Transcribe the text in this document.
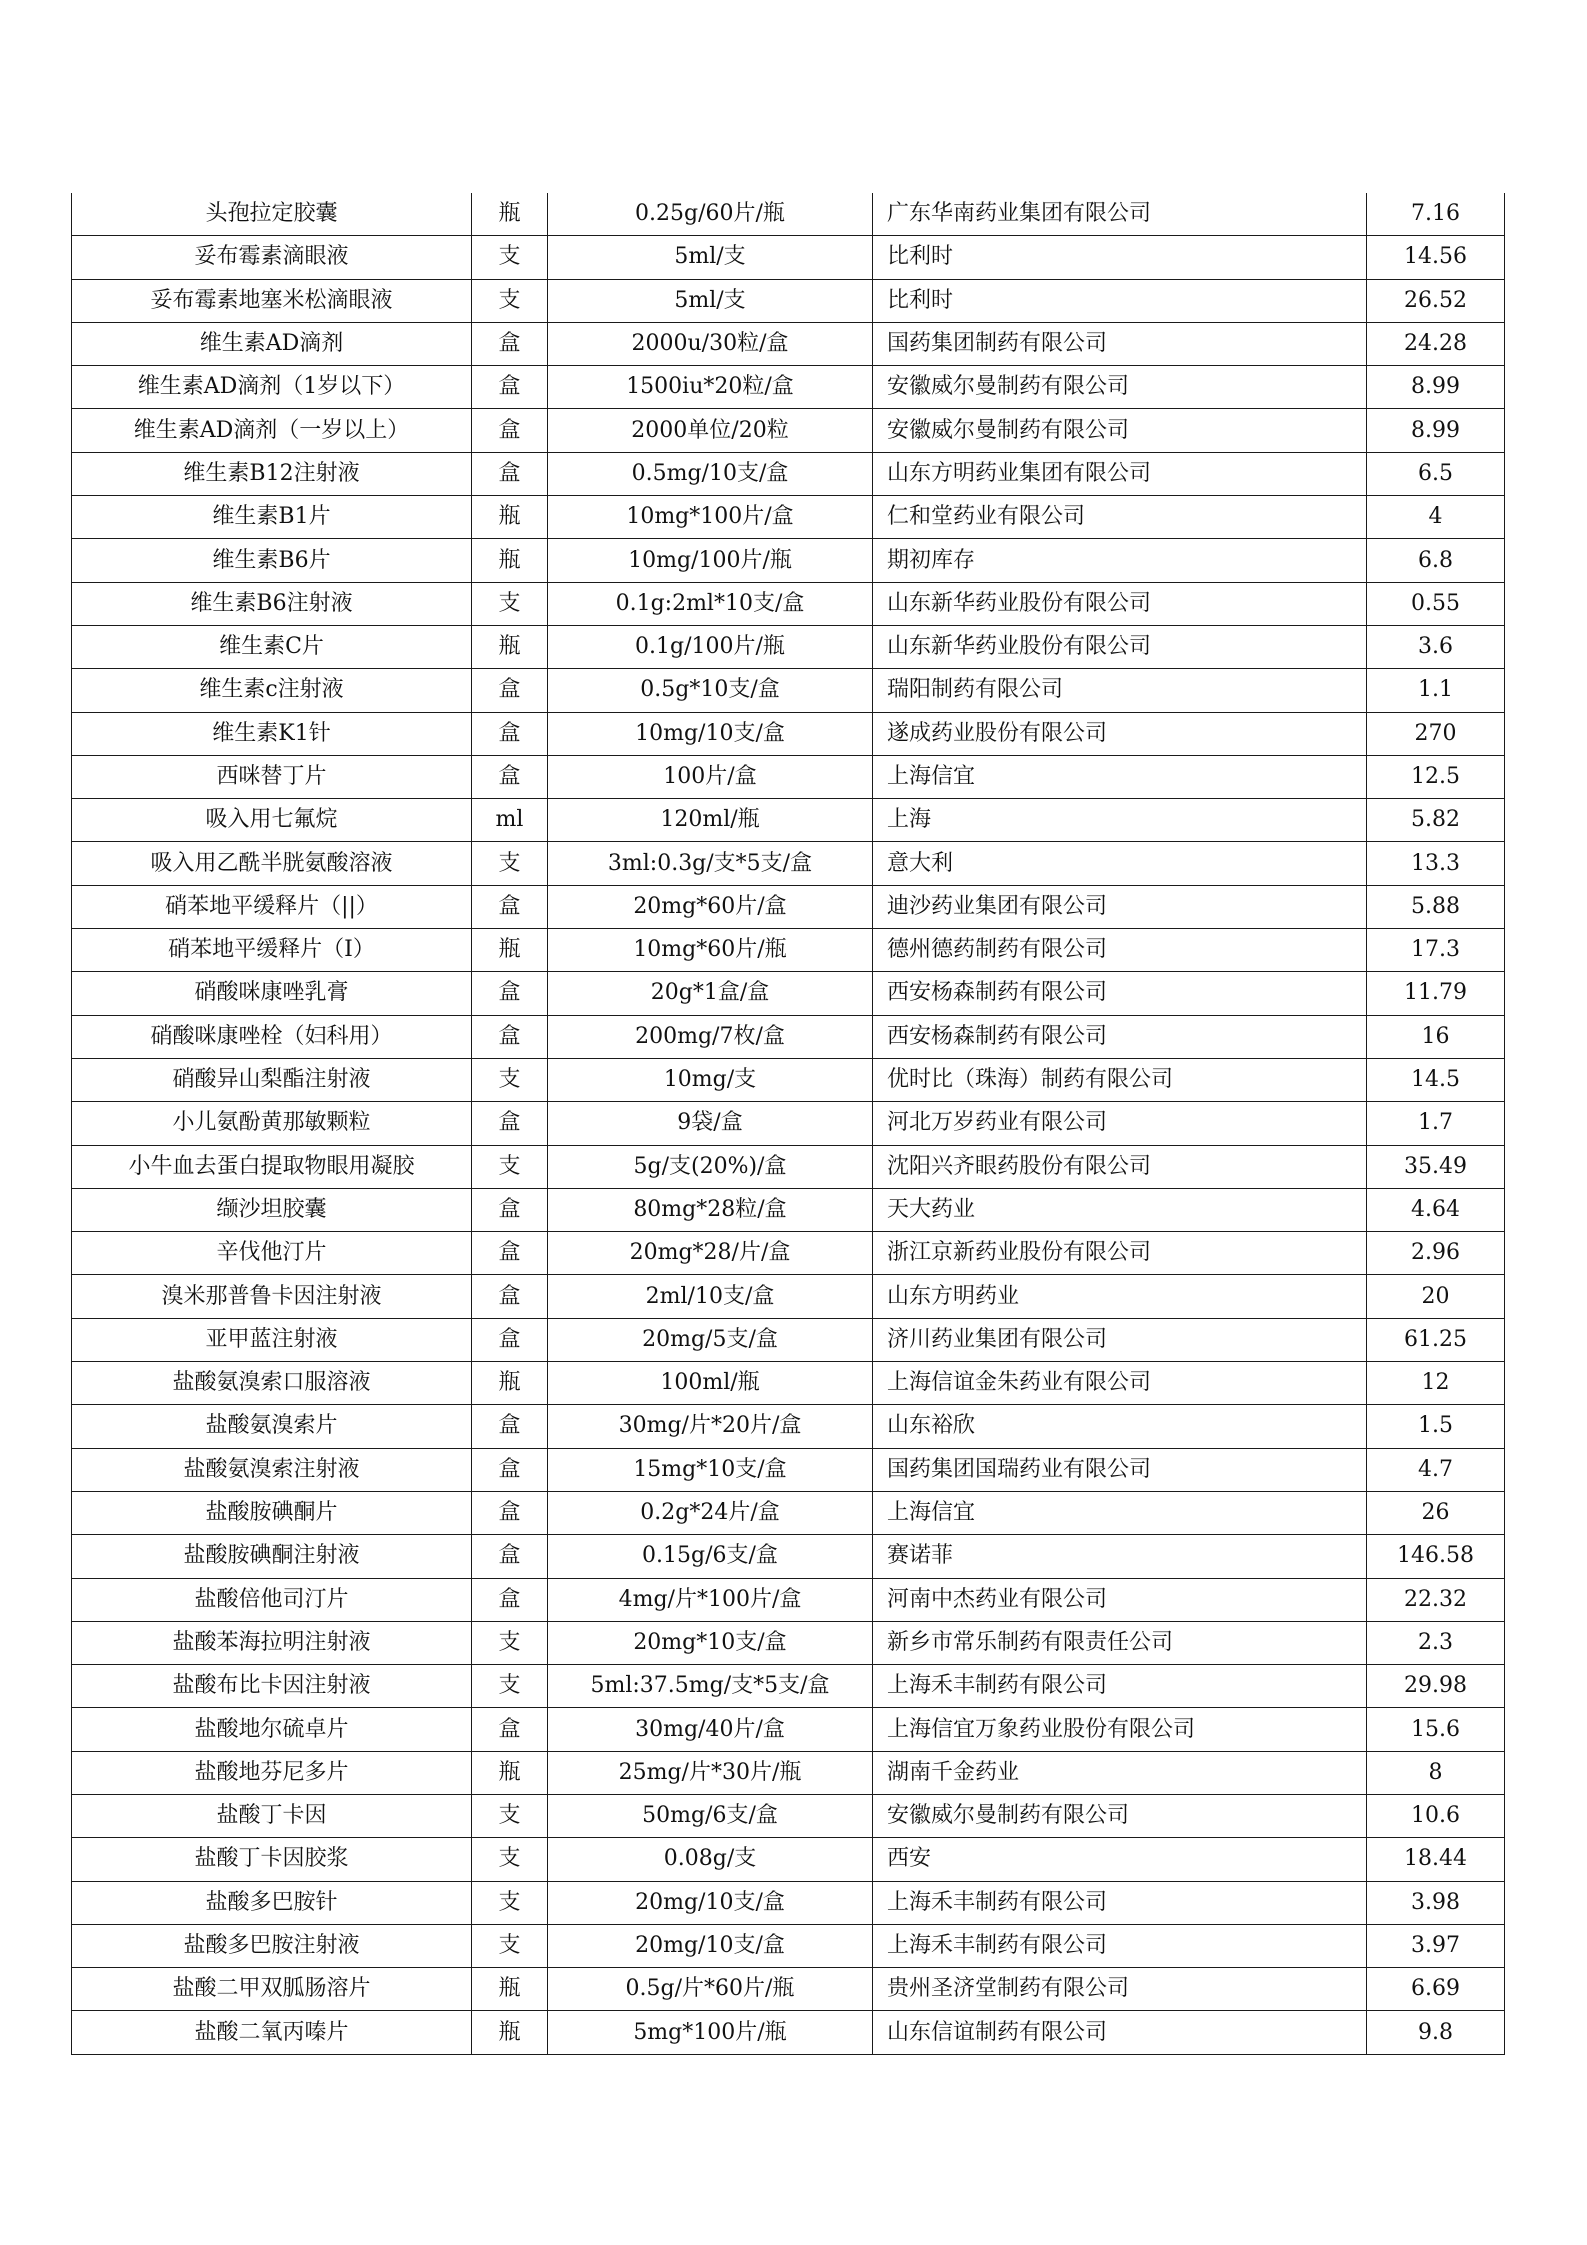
头孢拉定胶囊	瓶	0.25g/60片/瓶	广东华南药业集团有限公司	7.16
妥布霉素滴眼液	支	5ml/支	比利时	14.56
妥布霉素地塞米松滴眼液	支	5ml/支	比利时	26.52
维生素AD滴剂	盒	2000u/30粒/盒	国药集团制药有限公司	24.28
维生素AD滴剂（1岁以下）	盒	1500iu*20粒/盒	安徽威尔曼制药有限公司	8.99
维生素AD滴剂（一岁以上）	盒	2000单位/20粒	安徽威尔曼制药有限公司	8.99
维生素B12注射液	盒	0.5mg/10支/盒	山东方明药业集团有限公司	6.5
维生素B1片	瓶	10mg*100片/盒	仁和堂药业有限公司	4
维生素B6片	瓶	10mg/100片/瓶	期初库存	6.8
维生素B6注射液	支	0.1g:2ml*10支/盒	山东新华药业股份有限公司	0.55
维生素C片	瓶	0.1g/100片/瓶	山东新华药业股份有限公司	3.6
维生素c注射液	盒	0.5g*10支/盒	瑞阳制药有限公司	1.1
维生素K1针	盒	10mg/10支/盒	遂成药业股份有限公司	270
西咪替丁片	盒	100片/盒	上海信宜	12.5
吸入用七氟烷	ml	120ml/瓶	上海	5.82
吸入用乙酰半胱氨酸溶液	支	3ml:0.3g/支*5支/盒	意大利	13.3
硝苯地平缓释片（||）	盒	20mg*60片/盒	迪沙药业集团有限公司	5.88
硝苯地平缓释片（I）	瓶	10mg*60片/瓶	德州德药制药有限公司	17.3
硝酸咪康唑乳膏	盒	20g*1盒/盒	西安杨森制药有限公司	11.79
硝酸咪康唑栓（妇科用）	盒	200mg/7枚/盒	西安杨森制药有限公司	16
硝酸异山梨酯注射液	支	10mg/支	优时比（珠海）制药有限公司	14.5
小儿氨酚黄那敏颗粒	盒	9袋/盒	河北万岁药业有限公司	1.7
小牛血去蛋白提取物眼用凝胶	支	5g/支(20%)/盒	沈阳兴齐眼药股份有限公司	35.49
缬沙坦胶囊	盒	80mg*28粒/盒	天大药业	4.64
辛伐他汀片	盒	20mg*28/片/盒	浙江京新药业股份有限公司	2.96
溴米那普鲁卡因注射液	盒	2ml/10支/盒	山东方明药业	20
亚甲蓝注射液	盒	20mg/5支/盒	济川药业集团有限公司	61.25
盐酸氨溴索口服溶液	瓶	100ml/瓶	上海信谊金朱药业有限公司	12
盐酸氨溴索片	盒	30mg/片*20片/盒	山东裕欣	1.5
盐酸氨溴索注射液	盒	15mg*10支/盒	国药集团国瑞药业有限公司	4.7
盐酸胺碘酮片	盒	0.2g*24片/盒	上海信宜	26
盐酸胺碘酮注射液	盒	0.15g/6支/盒	赛诺菲	146.58
盐酸倍他司汀片	盒	4mg/片*100片/盒	河南中杰药业有限公司	22.32
盐酸苯海拉明注射液	支	20mg*10支/盒	新乡市常乐制药有限责任公司	2.3
盐酸布比卡因注射液	支	5ml:37.5mg/支*5支/盒	上海禾丰制药有限公司	29.98
盐酸地尔硫卓片	盒	30mg/40片/盒	上海信宜万象药业股份有限公司	15.6
盐酸地芬尼多片	瓶	25mg/片*30片/瓶	湖南千金药业	8
盐酸丁卡因	支	50mg/6支/盒	安徽威尔曼制药有限公司	10.6
盐酸丁卡因胶浆	支	0.08g/支	西安	18.44
盐酸多巴胺针	支	20mg/10支/盒	上海禾丰制药有限公司	3.98
盐酸多巴胺注射液	支	20mg/10支/盒	上海禾丰制药有限公司	3.97
盐酸二甲双胍肠溶片	瓶	0.5g/片*60片/瓶	贵州圣济堂制药有限公司	6.69
盐酸二氧丙嗪片	瓶	5mg*100片/瓶	山东信谊制药有限公司	9.8
